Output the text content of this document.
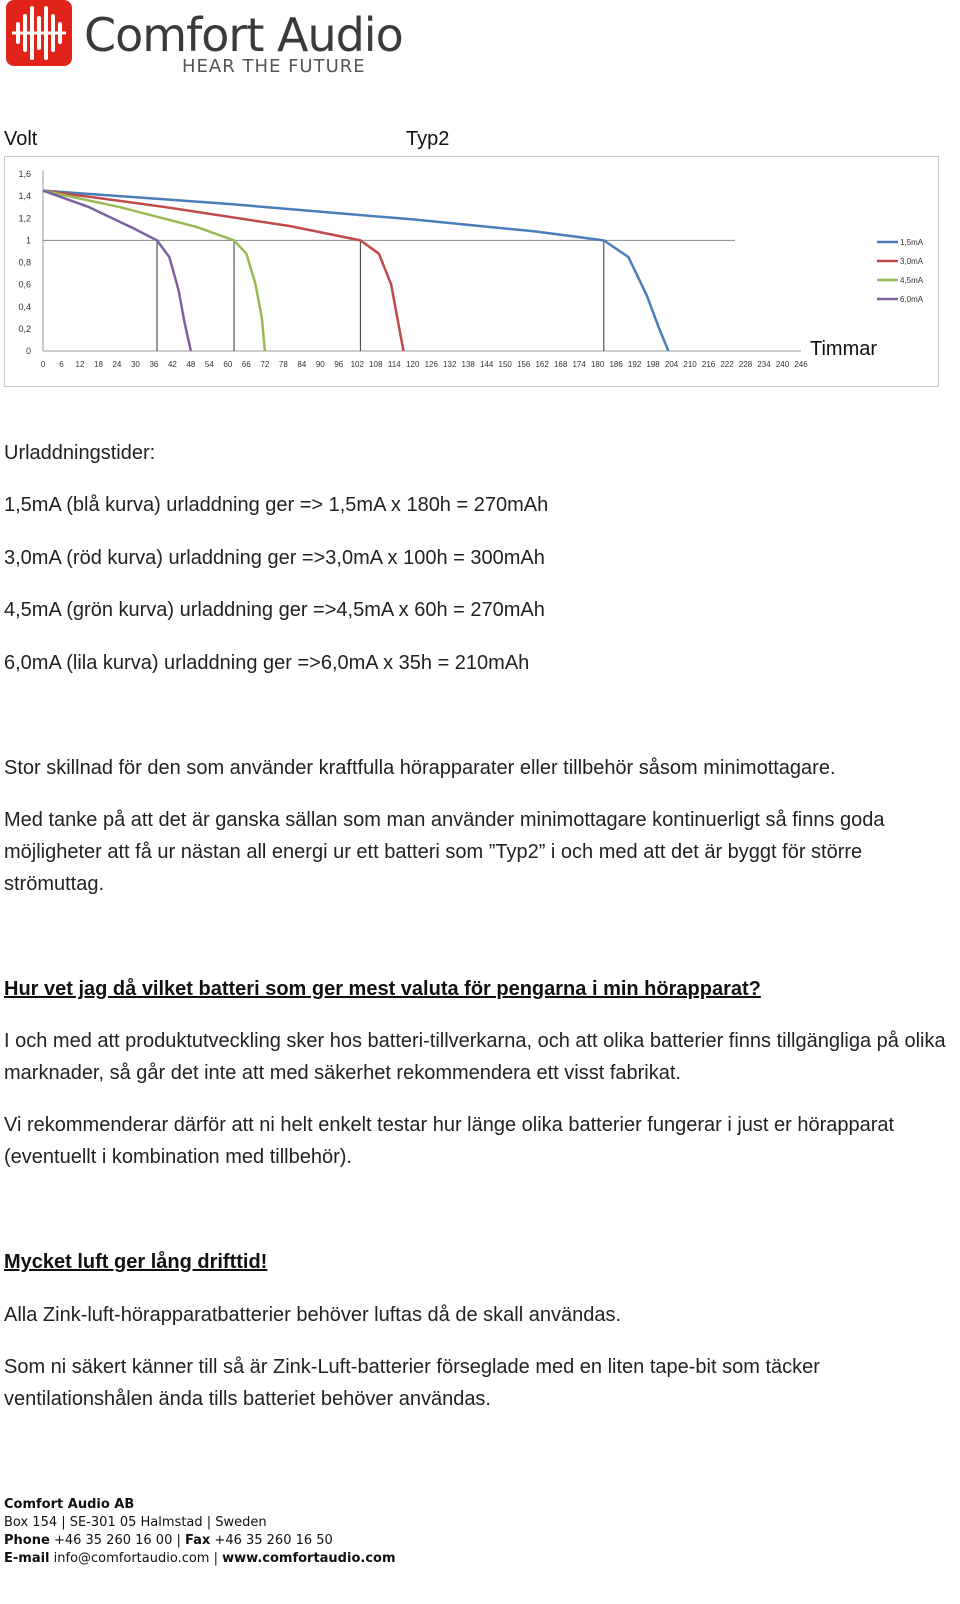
Comfort Audio
HEAR THE FUTURE
Volt	Typ2
0
0,2
0,4
0,6
0,8
1
1,2
1,4
1,6
0 6 12 18 24 30 36 42 48 54 60 66 72 78 84 90 96 102 108 114 120 126 132 138 144 150 156 162 168 174 180 186 192 198 204 210 216 222 228 234 240 246
1,5mA
3,0mA
4,5mA
6,0mA
Timmar
Urladdningstider:
1,5mA (blå kurva) urladdning ger => 1,5mA x 180h = 270mAh
3,0mA (röd kurva) urladdning ger =>3,0mA x 100h = 300mAh
4,5mA (grön kurva) urladdning ger =>4,5mA x 60h = 270mAh
6,0mA (lila kurva) urladdning ger =>6,0mA x 35h = 210mAh
Stor skillnad för den som använder kraftfulla hörapparater eller tillbehör såsom minimottagare.
Med tanke på att det är ganska sällan som man använder minimottagare kontinuerligt så finns goda möjligheter att få ur nästan all energi ur ett batteri som ”Typ2” i och med att det är byggt för större strömuttag.
Hur vet jag då vilket batteri som ger mest valuta för pengarna i min hörapparat?
I och med att produktutveckling sker hos batteri-tillverkarna, och att olika batterier finns tillgängliga på olika marknader, så går det inte att med säkerhet rekommendera ett visst fabrikat.
Vi rekommenderar därför att ni helt enkelt testar hur länge olika batterier fungerar i just er hörapparat (eventuellt i kombination med tillbehör).
Mycket luft ger lång drifttid!
Alla Zink-luft-hörapparatbatterier behöver luftas då de skall användas.
Som ni säkert känner till så är Zink-Luft-batterier förseglade med en liten tape-bit som täcker ventilationshålen ända tills batteriet behöver användas.
Comfort Audio AB
Box 154 | SE-301 05 Halmstad | Sweden
Phone +46 35 260 16 00 | Fax +46 35 260 16 50
E-mail info@comfortaudio.com | www.comfortaudio.com
